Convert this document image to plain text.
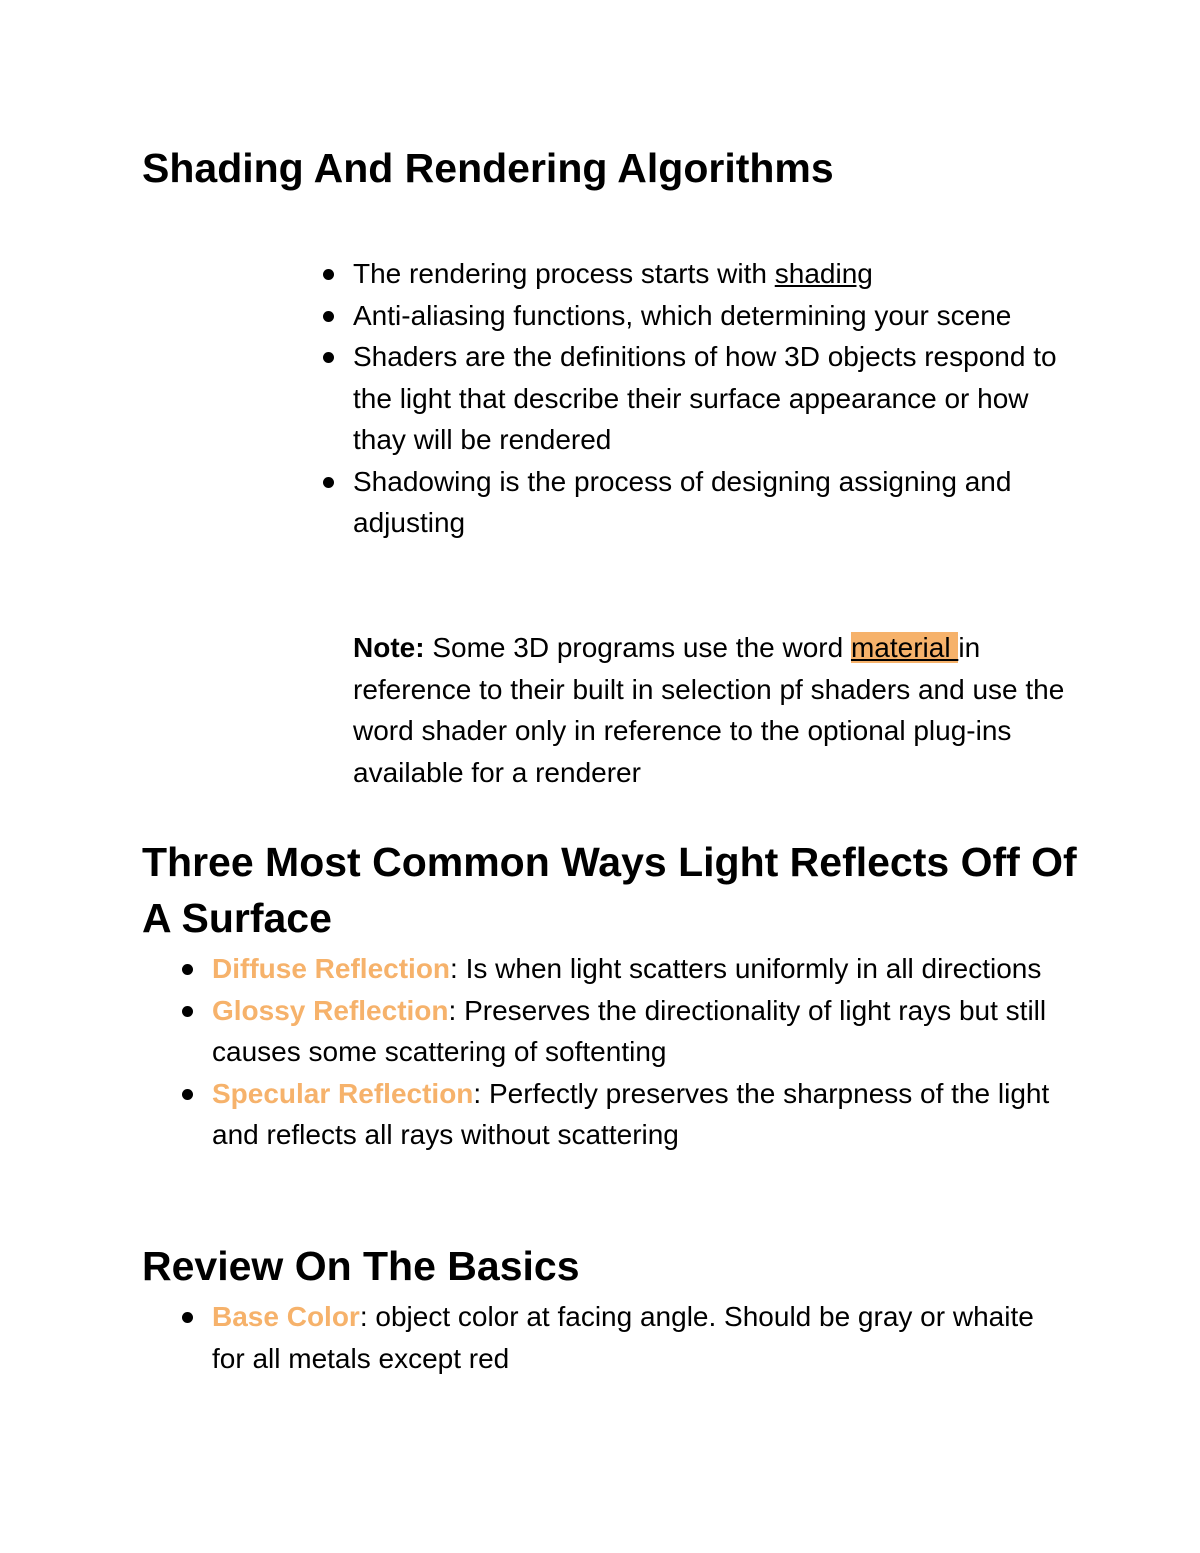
Shading And Rendering Algorithms
The rendering process starts with shading
Anti-aliasing functions, which determining your scene
Shaders are the definitions of how 3D objects respond to the light that describe their surface appearance or how thay will be rendered
Shadowing is the process of designing assigning and adjusting
Note: Some 3D programs use the word material in reference to their built in selection pf shaders and use the word shader only in reference to the optional plug-ins available for a renderer
Three Most Common Ways Light Reflects Off Of A Surface
Diffuse Reflection: Is when light scatters uniformly in all directions
Glossy Reflection: Preserves the directionality of light rays but still causes some scattering of softenting
Specular Reflection: Perfectly preserves the sharpness of the light and reflects all rays without scattering
Review On The Basics
Base Color: object color at facing angle. Should be gray or whaite for all metals except red
